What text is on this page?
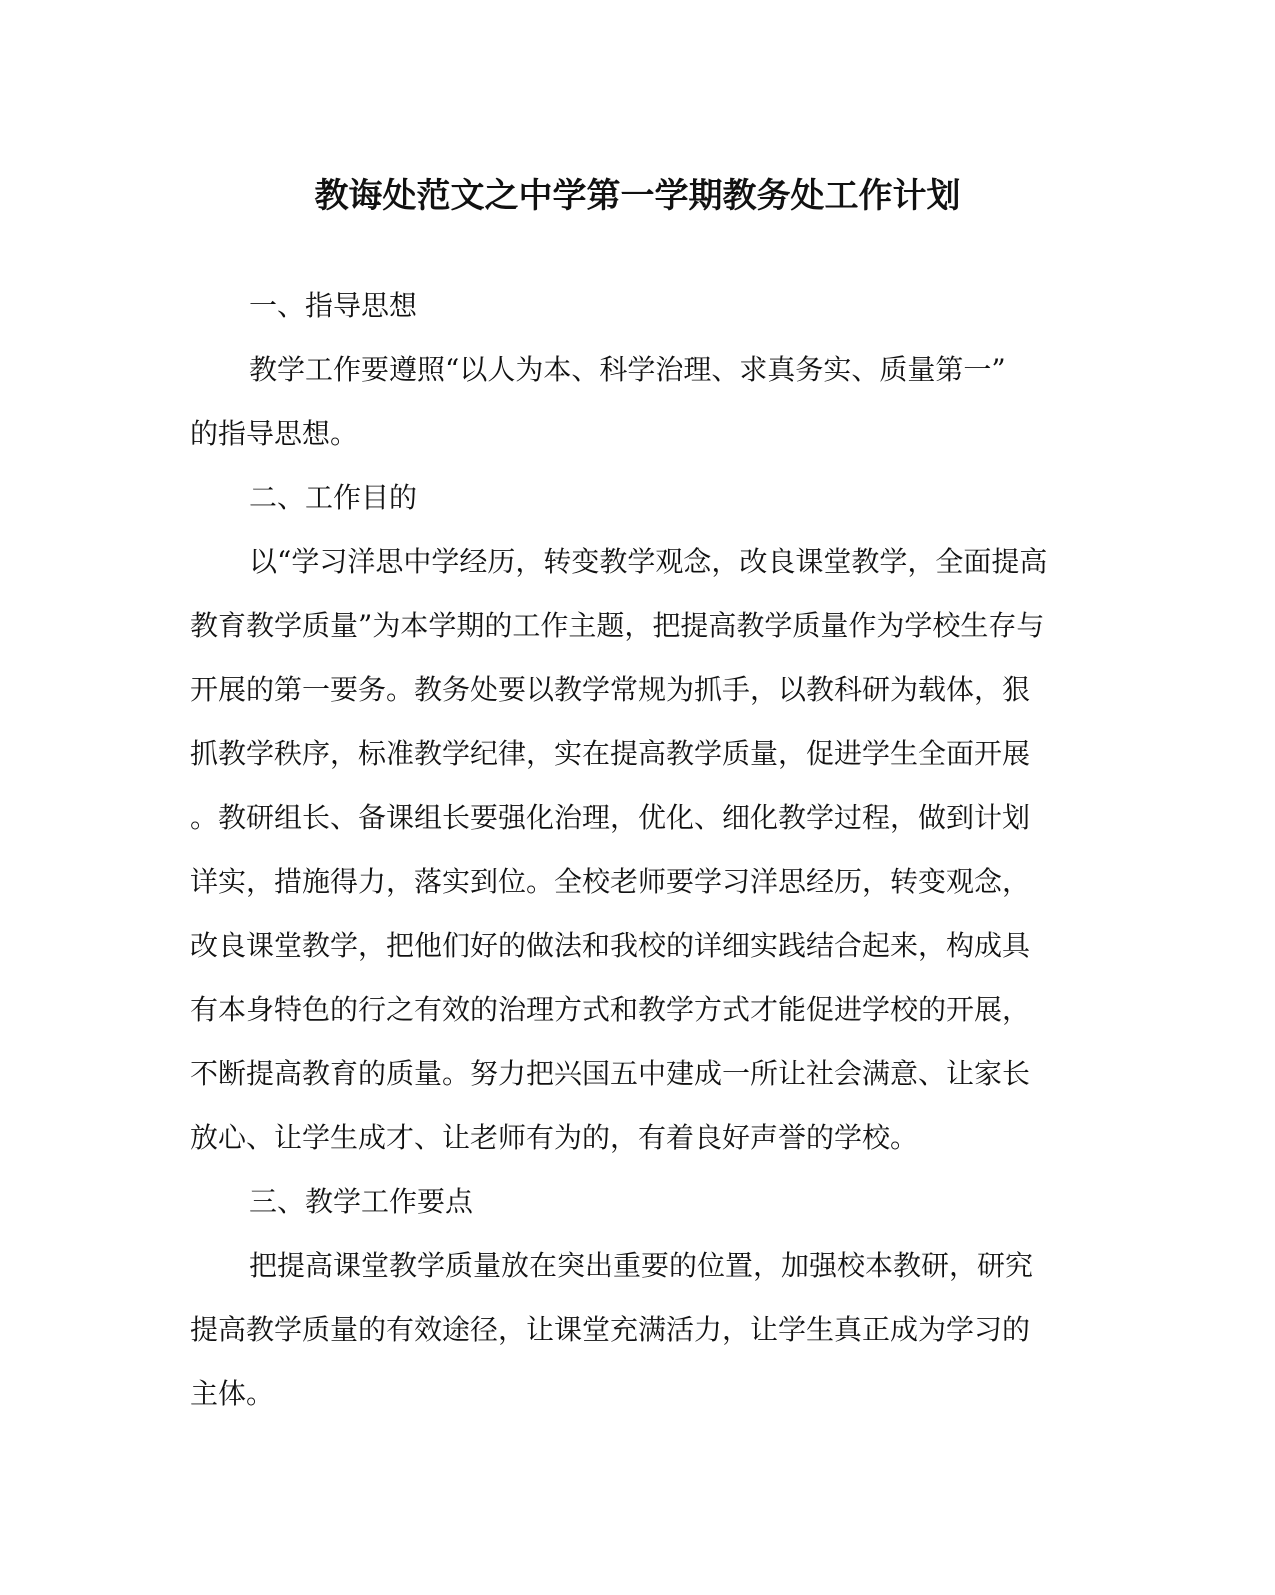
教诲处范文之中学第一学期教务处工作计划
一、指导思想
教学工作要遵照“以人为本、科学治理、求真务实、质量第一”
的指导思想。
二、工作目的
以“学习洋思中学经历，转变教学观念，改良课堂教学，全面提高
教育教学质量”为本学期的工作主题，把提高教学质量作为学校生存与
开展的第一要务。教务处要以教学常规为抓手，以教科研为载体，狠
抓教学秩序，标准教学纪律，实在提高教学质量，促进学生全面开展
。教研组长、备课组长要强化治理，优化、细化教学过程，做到计划
详实，措施得力，落实到位。全校老师要学习洋思经历，转变观念，
改良课堂教学，把他们好的做法和我校的详细实践结合起来，构成具
有本身特色的行之有效的治理方式和教学方式才能促进学校的开展，
不断提高教育的质量。努力把兴国五中建成一所让社会满意、让家长
放心、让学生成才、让老师有为的，有着良好声誉的学校。
三、教学工作要点
把提高课堂教学质量放在突出重要的位置，加强校本教研，研究
提高教学质量的有效途径，让课堂充满活力，让学生真正成为学习的
主体。
